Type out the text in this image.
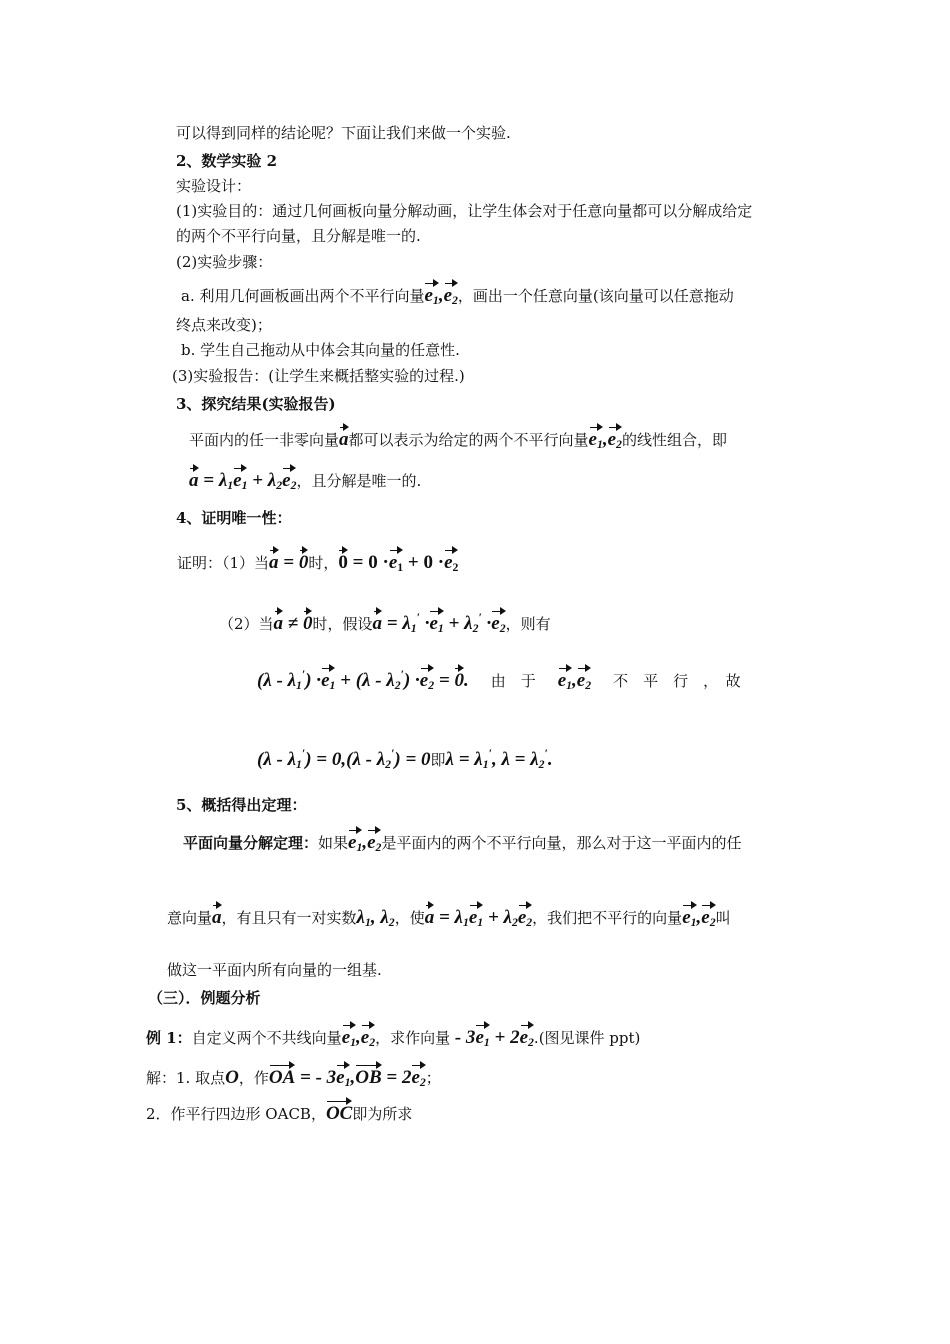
可以得到同样的结论呢？下面让我们来做一个实验.
2、数学实验 2
实验设计：
(1)实验目的：通过几何画板向量分解动画，让学生体会对于任意向量都可以分解成给定
的两个不平行向量，且分解是唯一的.
(2)实验步骤：
a. 利用几何画板画出两个不平行向量$e_1,e_2$，画出一个任意向量(该向量可以任意拖动
终点来改变)；
b. 学生自己拖动从中体会其向量的任意性.
(3)实验报告：(让学生来概括整实验的过程.)
3、探究结果(实验报告)
平面内的任一非零向量a都可以表示为给定的两个不平行向量$e_1,e_2$的线性组合，即
$a = \lambda_1e_1 + \lambda_2e_2$，且分解是唯一的.
4、证明唯一性：
证明：（1）当a = 0时，$0 = 0 \cdot e_1 + 0 \cdot e_2$
（2）当a ≠ 0时，假设$a = \lambda_1' \cdot e_1 + \lambda_2' \cdot e_2$，则有
$(\lambda - \lambda_1') \cdot e_1 + (\lambda - \lambda_2') \cdot e_2 = 0$. 由　于 $e_1,e_2$ 不　平　行　，　故
$(\lambda - \lambda_1') = 0,(\lambda - \lambda_2') = 0$即$\lambda = \lambda_1'$, $\lambda = \lambda_2'$.
5、概括得出定理：
平面向量分解定理：如果$e_1,e_2$是平面内的两个不平行向量，那么对于这一平面内的任
意向量a，有且只有一对实数$\lambda_1$, $\lambda_2$，使$a = \lambda_1e_1 + \lambda_2e_2$，我们把不平行的向量$e_1,e_2$叫
做这一平面内所有向量的一组基.
（三）．例题分析
例 1：自定义两个不共线向量$e_1,e_2$，求作向量 - $3e_1 + 2e_2$.(图见课件 ppt)
解：1. 取点O，作OA = - $3e_1,OB = 2e_2$；
2．作平行四边形 OACB，OC即为所求
